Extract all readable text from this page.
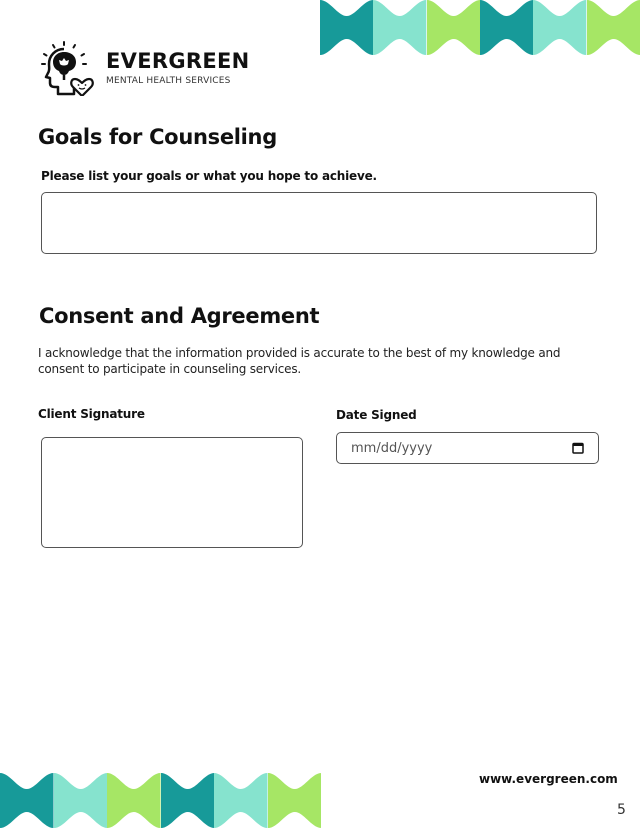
EVERGREEN
MENTAL HEALTH SERVICES
Goals for Counseling
Please list your goals or what you hope to achieve.
Consent and Agreement
I acknowledge that the information provided is accurate to the best of my knowledge and consent to participate in counseling services.
Client Signature	Date Signed
mm/dd/yyyy
www.evergreen.com
5
